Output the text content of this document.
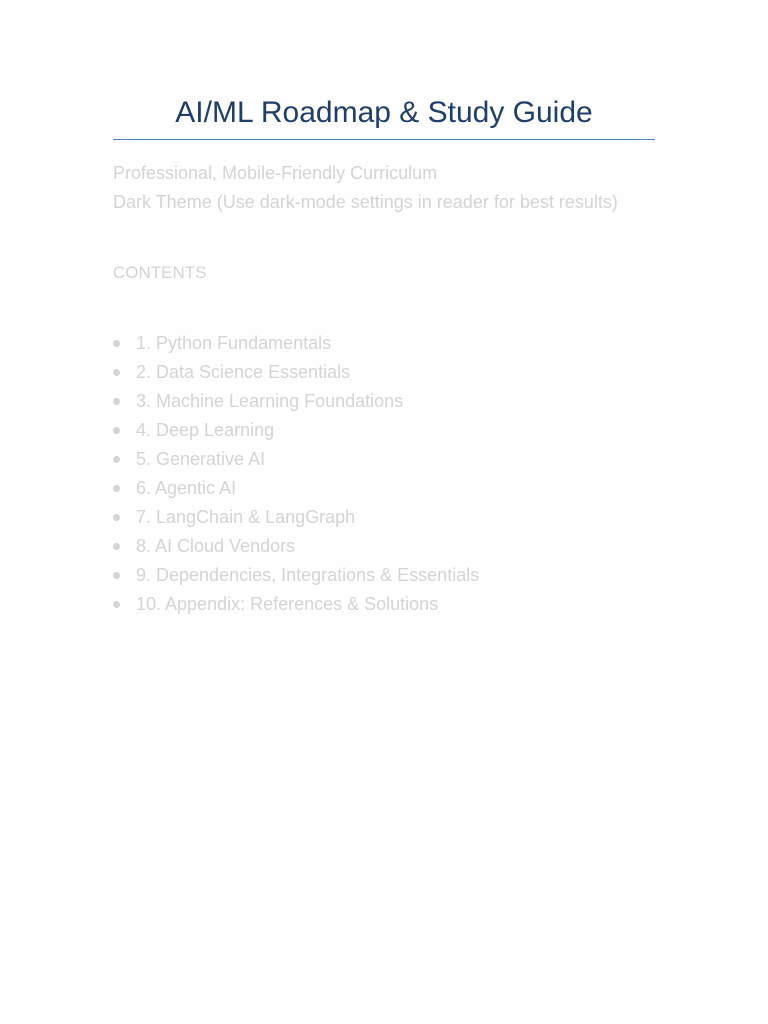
AI/ML Roadmap & Study Guide

Professional, Mobile-Friendly Curriculum

Dark Theme (Use dark-mode settings in reader for best results)

CONTENTS
1. Python Fundamentals
2. Data Science Essentials
3. Machine Learning Foundations
4. Deep Learning
5. Generative AI
6. Agentic AI
7. LangChain & LangGraph
8. AI Cloud Vendors
9. Dependencies, Integrations & Essentials
10. Appendix: References & Solutions
